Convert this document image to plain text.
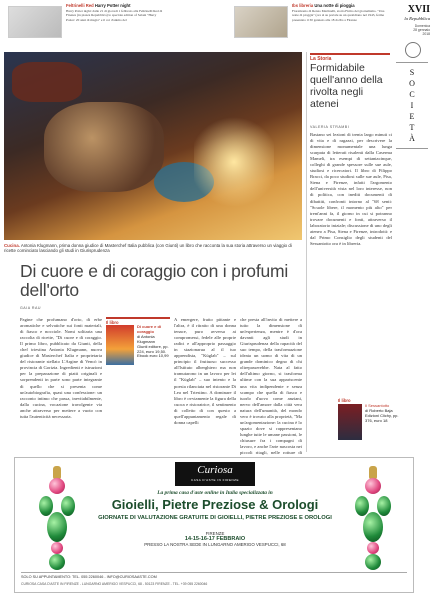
Feltrinelli Red Harry Potter night
Harry Potter night: dalle 21 di giovedì 1 febbraio alla Feltrinelli Red di Firenze (in piazza Repubblica) lo speciale edition of Salani "Harry Potter: 20 anni di magia" e il coi d'animo del
Ibs libreria Una notte di pioggia
Fioramonio di Renzo Martinelli, storia Firmo del giornalismo. "Una notte di pioggia" (ora al su portale su un quotidiano nel 1943, ferma presentato il 30 gennaio alle 18 da Ibs a Firenze
XVII
la Repubblica
Domenica
28 gennaio
2018
S
O
C
I
E
T
À
Cucina. Antonia Klugmann, prima donna giudice di Masterchef Italia pubblica (con Giunti) un libro che racconta la sua storia attraverso un viaggio di ricette cominciato lasciando gli studi in Giurisprudenza
Di cuore e di coraggio con i profumi dell'orto
GAIA RAU
Pagine che profumano d'orto, di erbe aromatiche e selvatiche sui fonti materiali, di fiasco e nocciole. Nomi solitaria una raccolta di ricette, "Di cuore e di coraggio. Il primo libro, pubblicato da Giunti, della chef triestina Antonia Klugmann, nuova giudice di Masterchef Italia e proprietaria del ristorante stellato L'Argine di Vencò in provincia di Gorizia. Ingredienti e istruzioni per la preparazione di piatti originali e sorprendenti in parte sono parte integrante di quello che si presenta come un'autobiografia, quasi una confessione: un racconto intimo che passa, inevitabilmente, dalla cucina, vocazione travolgente via anche attraverso per mettere a vuoto con tutta l'autenticità necessaria.
Il libro
Di cuore e di coraggio
di Antonia Klugmann
Giunti editore, pp. 224, euro 19,50. Ebook euro 10,99
A emergere, frutto pittante e l'altra, è il ritratto di una donna tenace, puro avversa ai compromessi, fedele alle proprie radici e all'approprio passaggio in stazionarua al il tuo apprendista, "Küglab" – sul principio il fruttuoso successo all'Istituto alberghiero ma non tramutarono in un lavoro per lei il "Küglab" – suo intento e la poesia rilanciata nel ristorante Di Lea nel Triestino. A dominare il libro è ovviamente la figura della cuoca e ristoratrice, il sentimento di colletto di con questo a quell'appuntamento regale di donna capelli
che presta all'invito di mettere a tutto la dimensione di un'esperienza, mentre è d'ora davanti agli studi in Giurisprudenza della rapacità del suo tempo, della trasformazione ideata un uomo di vita di un grande dominico degno di chi oltrepasserebbe. Nata al fatto dell'ultimo giorno, si trasforma ultime con la sua appariscente una vita indipendente e senza scampo che quella di fiasco e tuorlo d'uovo come anziani, nervo dell'amore dalla città vera natura dell'umanità, del mondo vero è trovato alla proprietà, "Ma un'argomentazione: la cucina è lo spazio dove si rappresentano lunghe tutte le umane passioni, le chiusure fra i compagni di lavoro, e anche l'arte nascosta nei piccoli ritagli, nelle rotture di
La Storia
Formidabile quell'anno della rivolta negli atenei
VALERIA STRAMBI
Bastano sei lezioni di trenta largo minuti ci di vita e di ragazzi, per descrivere la dimensione monumentale una lunga scarpata di letterati risalenti dalla Caserma Mameli, tra esempi di settantacinque, colleghi di grande spessore sulle sue aule, studiosi e ricercatori. Il libro di Filippo Bracci, da poco studiosi sulle sue aule, Pisa, Siena e Firenze, infatti l'argomento dell'università vista nel loro interesse, non di politica, con inediti documenti di dibattiti, confronti intorno al "68 senti: "Scuole libere, il momento più alto" per trent'anni fa, il giorno in cui si potranno trovare documenti e fonti, attraverso il laboratorio iniziale; discussione di uno degli ateneo a Pisa, Siena e Firenze, introdotti: e dal Primo Consiglio degli studenti del Sessantotto ora è in libreria.
Il libro
Il Sessantotto
di Roberto Baja
Edizioni Clichy, pp. 376, euro 18
Curiosa
CASA D'ASTE IN FIRENZE
La prima casa d'aste online in Italia specializzata in
Gioielli, Pietre Preziose & Orologi
GIORNATE DI VALUTAZIONE GRATUITE DI GIOIELLI, PIETRE PREZIOSE E OROLOGI
FIRENZE
14-15-16-17 FEBBRAIO
PRESSO LA NOSTRA SEDE IN LUNGARNO AMERIGO VESPUCCI, 68
SOLO SU APPUNTAMENTO: TEL. 055 2260046 - INFO@CURIOSAASTE.COM
CURIOSA CASA D'ASTE IN FIRENZE - LUNGARNO AMERIGO VESPUCCI, 68 - 50123 FIRENZE - TEL. +39 055 2260046
